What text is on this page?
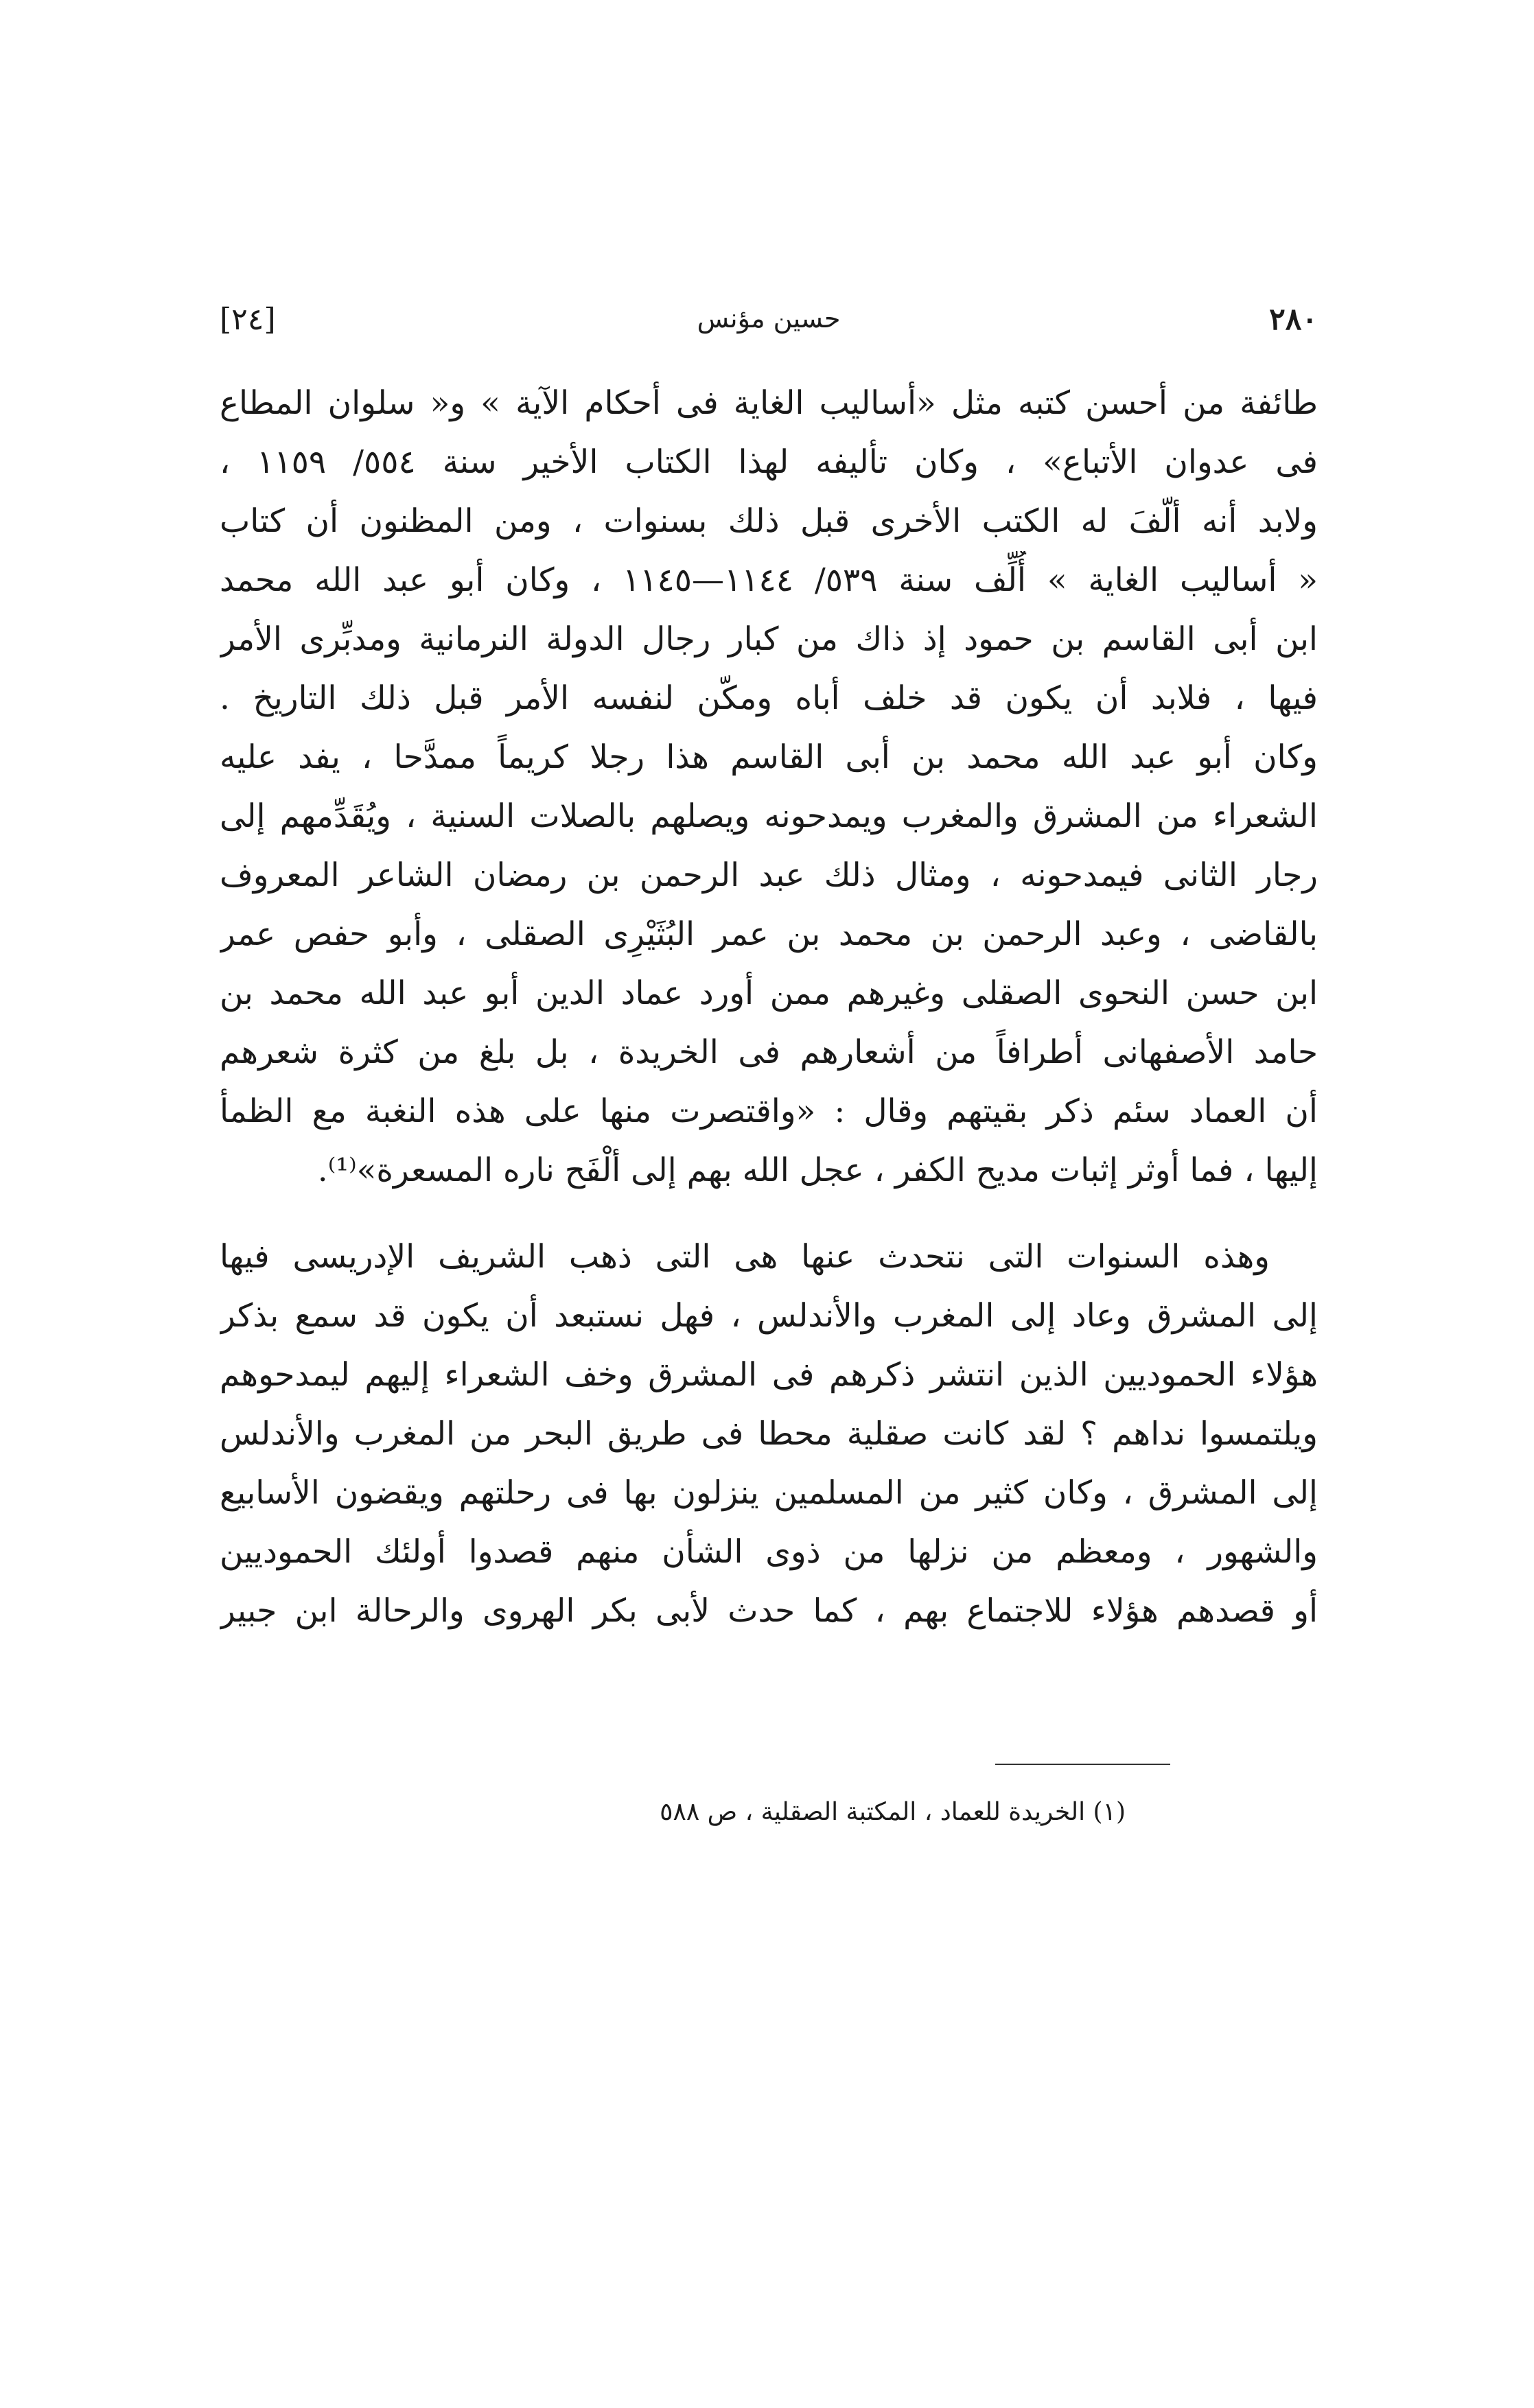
٢٨٠
حسين مؤنس
[٢٤]
طائفة من أحسن كتبه مثل «أساليب الغاية فى أحكام الآية » و« سلوان المطاع
فى عدوان الأتباع» ، وكان تأليفه لهذا الكتاب الأخير سنة ٥٥٤/ ١١٥٩ ،
ولابد أنه ألّفَ له الكتب الأخرى قبل ذلك بسنوات ، ومن المظنون أن كتاب
« أساليب الغاية » أُلِّف سنة ٥٣٩/ ١١٤٤—١١٤٥ ، وكان أبو عبد الله محمد
ابن أبى القاسم بن حمود إذ ذاك من كبار رجال الدولة النرمانية ومدبِّرى الأمر
فيها ، فلابد أن يكون قد خلف أباه ومكّن لنفسه الأمر قبل ذلك التاريخ .
وكان أبو عبد الله محمد بن أبى القاسم هذا رجلا كريماً ممدَّحا ، يفد عليه
الشعراء من المشرق والمغرب ويمدحونه ويصلهم بالصلات السنية ، ويُقَدِّمهم إلى
رجار الثانى فيمدحونه ، ومثال ذلك عبد الرحمن بن رمضان الشاعر المعروف
بالقاضى ، وعبد الرحمن بن محمد بن عمر البُثَيْرِى الصقلى ، وأبو حفص عمر
ابن حسن النحوى الصقلى وغيرهم ممن أورد عماد الدين أبو عبد الله محمد بن
حامد الأصفهانى أطرافاً من أشعارهم فى الخريدة ، بل بلغ من كثرة شعرهم
أن العماد سئم ذكر بقيتهم وقال : «واقتصرت منها على هذه النغبة مع الظمأ
إليها ، فما أوثر إثبات مديح الكفر ، عجل الله بهم إلى ألْفَح ناره المسعرة»⁽¹⁾.
وهذه السنوات التى نتحدث عنها هى التى ذهب الشريف الإدريسى فيها
إلى المشرق وعاد إلى المغرب والأندلس ، فهل نستبعد أن يكون قد سمع بذكر
هؤلاء الحموديين الذين انتشر ذكرهم فى المشرق وخف الشعراء إليهم ليمدحوهم
ويلتمسوا نداهم ؟ لقد كانت صقلية محطا فى طريق البحر من المغرب والأندلس
إلى المشرق ، وكان كثير من المسلمين ينزلون بها فى رحلتهم ويقضون الأسابيع
والشهور ، ومعظم من نزلها من ذوى الشأن منهم قصدوا أولئك الحموديين
أو قصدهم هؤلاء للاجتماع بهم ، كما حدث لأبى بكر الهروى والرحالة ابن جبير
(١) الخريدة للعماد ، المكتبة الصقلية ، ص ٥٨٨
